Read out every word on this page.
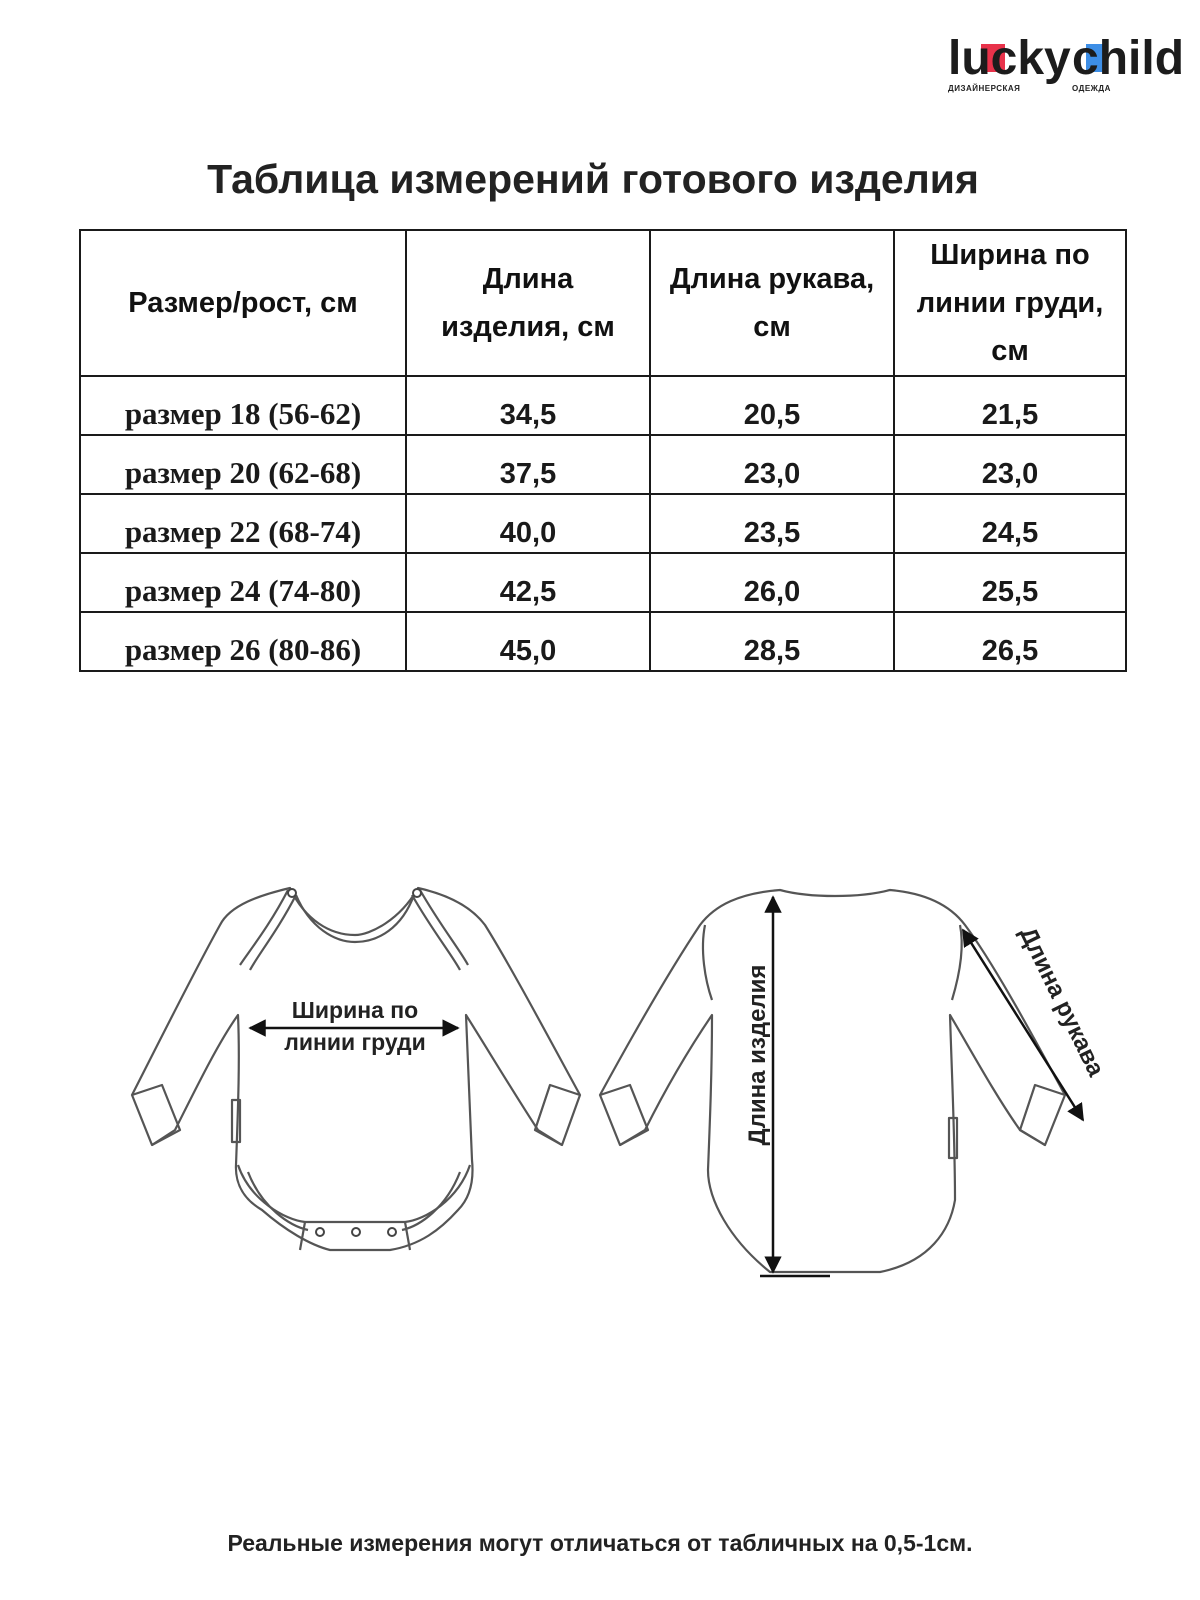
lucky child
ДИЗАЙНЕРСКАЯ	ОДЕЖДА
Таблица измерений готового изделия
Размер/рост, см	Длина изделия, см	Длина рукава, см	Ширина по линии груди, см

размер 18 (56-62)	34,5	20,5	21,5
размер 20 (62-68)	37,5	23,0	23,0
размер 22 (68-74)	40,0	23,5	24,5
размер 24 (74-80)	42,5	26,0	25,5
размер 26 (80-86)	45,0	28,5	26,5
Ширина по
линии груди	Длина изделия	Длина рукава
Реальные измерения могут отличаться от табличных на 0,5-1см.
